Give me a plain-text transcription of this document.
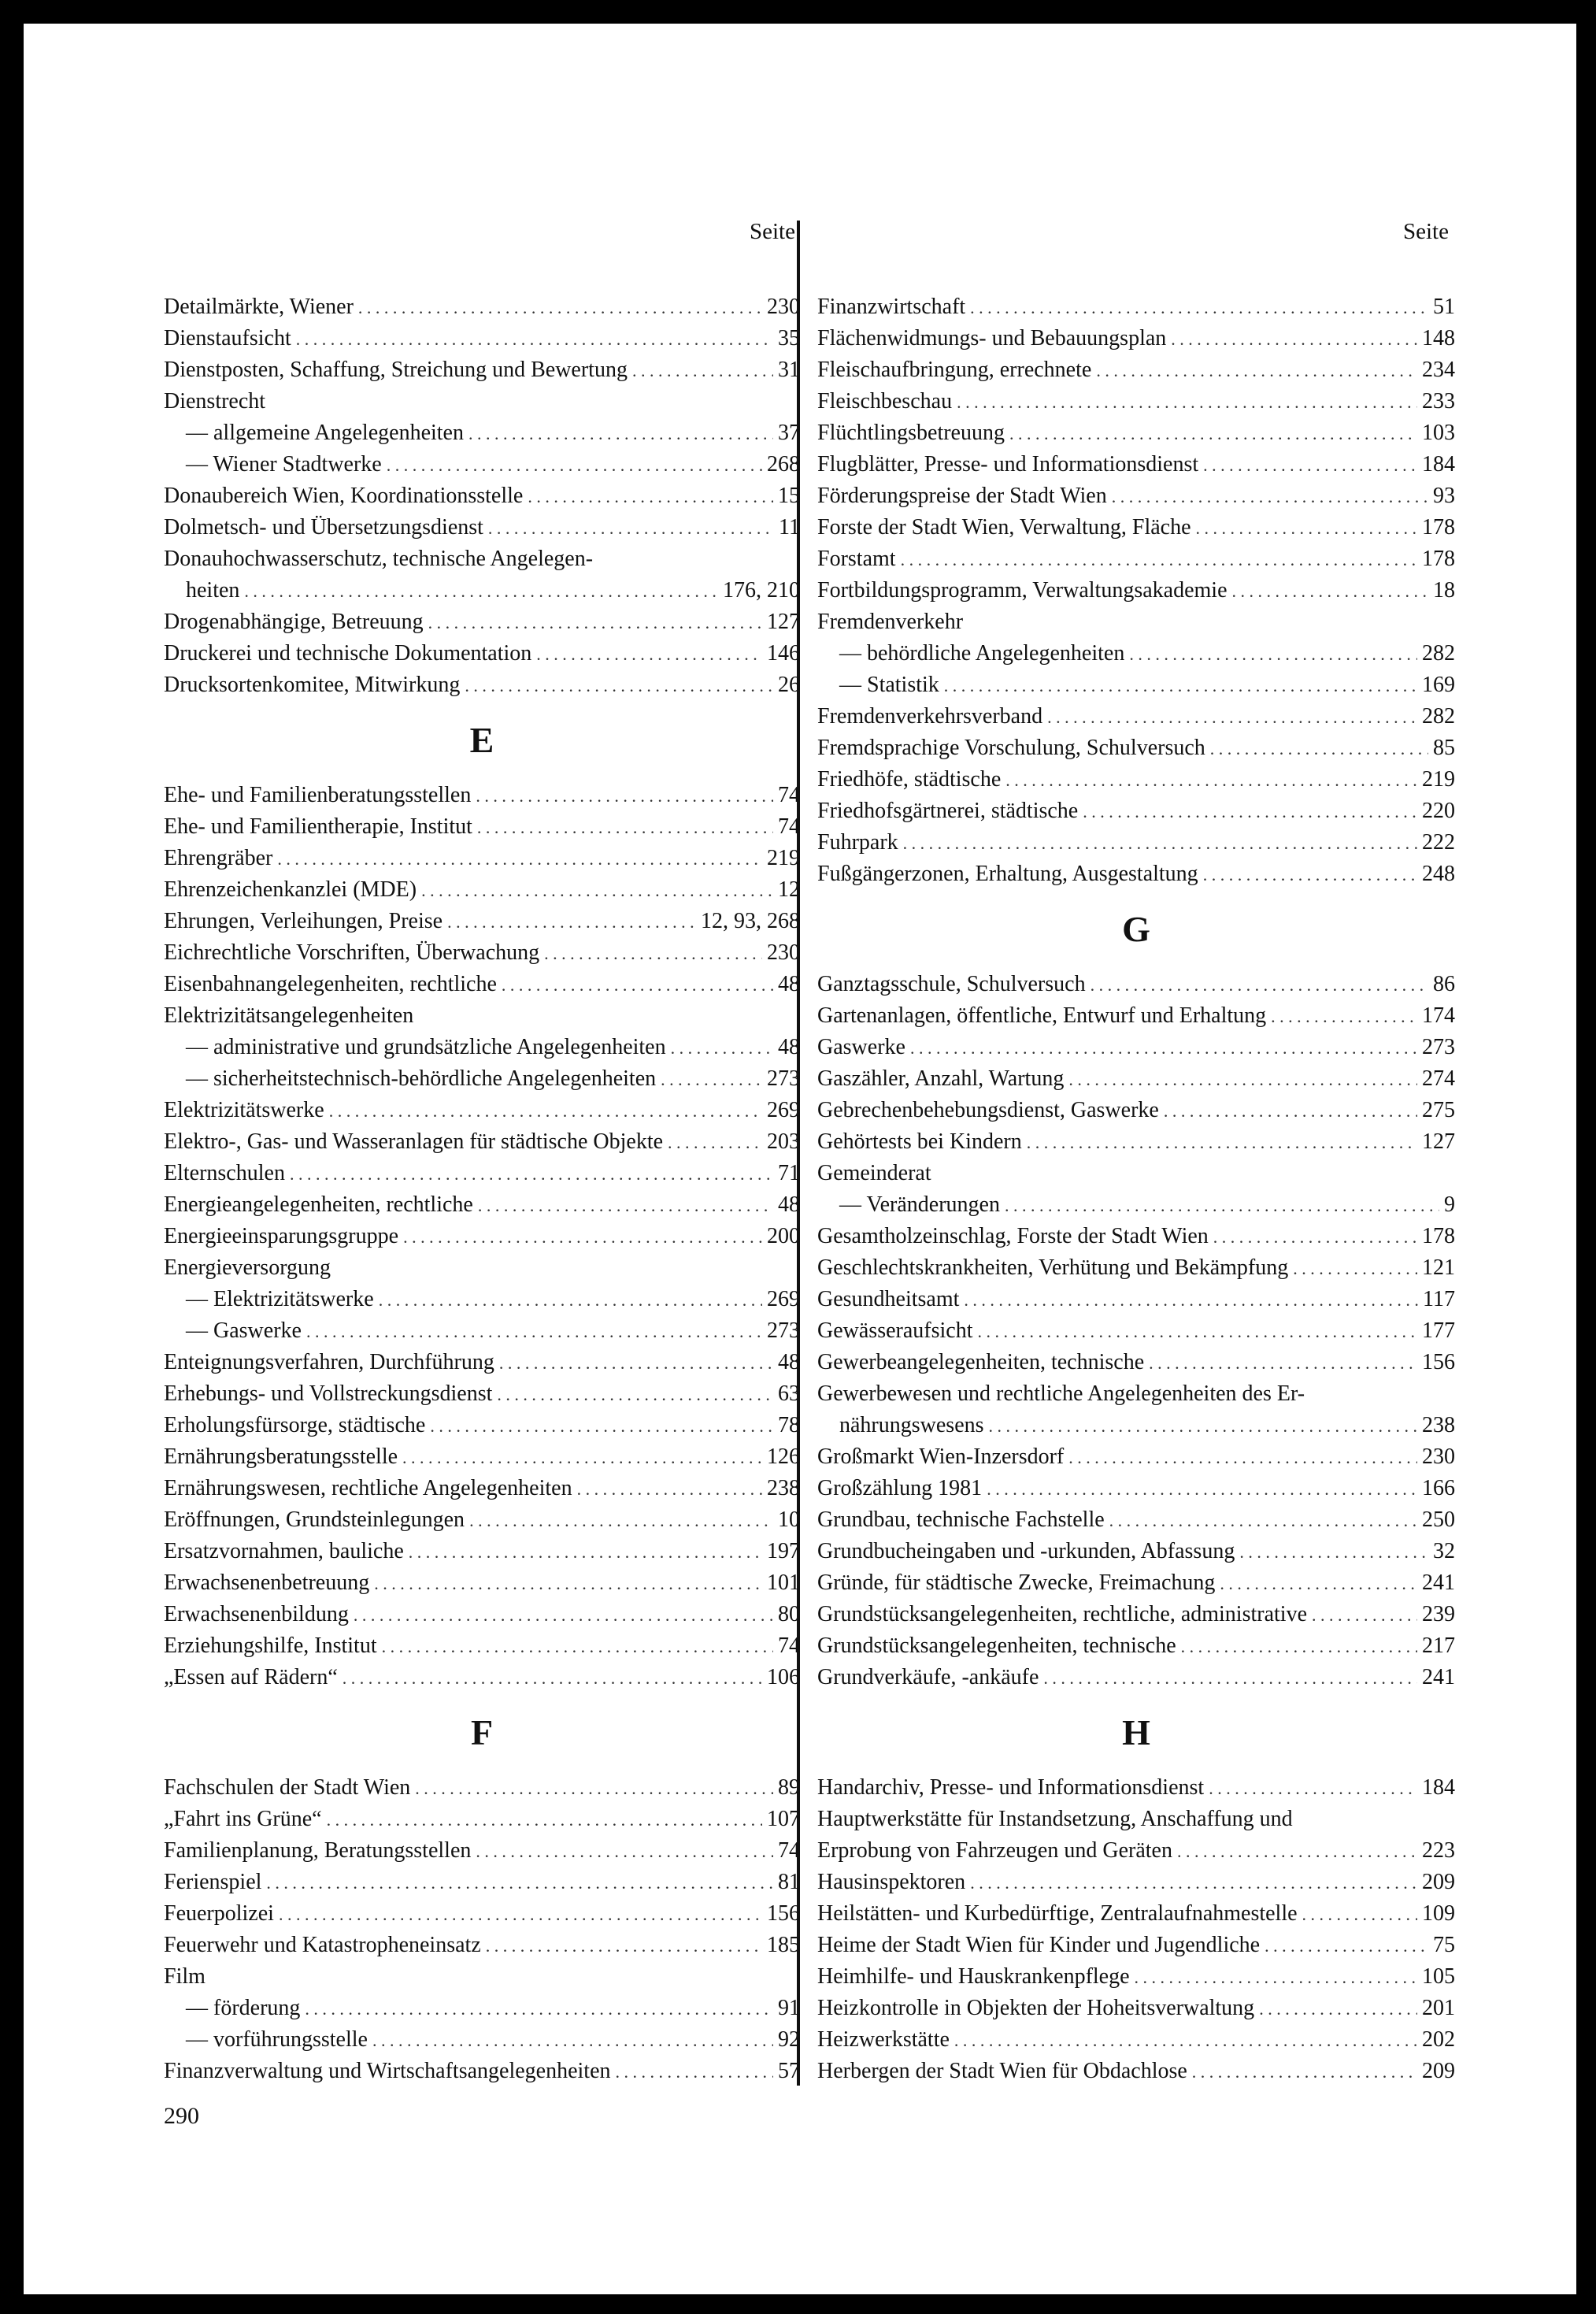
Seite	Seite
Detailmärkte, Wiener . . .	230
Dienstaufsicht . . .	35
Dienstposten, Schaffung, Streichung und Bewertung . . .	31
Dienstrecht
— allgemeine Angelegenheiten . . .	37
— Wiener Stadtwerke . . .	268
Donaubereich Wien, Koordinationsstelle . . .	15
Dolmetsch- und Übersetzungsdienst . . .	11
Donauhochwasserschutz, technische Angelegen-
heiten . . .	176, 210
Drogenabhängige, Betreuung . . .	127
Druckerei und technische Dokumentation . . .	146
Drucksortenkomitee, Mitwirkung . . .	26
E
Ehe- und Familienberatungsstellen . . .	74
Ehe- und Familientherapie, Institut . . .	74
Ehrengräber . . .	219
Ehrenzeichenkanzlei (MDE) . . .	12
Ehrungen, Verleihungen, Preise . . .	12, 93, 268
Eichrechtliche Vorschriften, Überwachung . . .	230
Eisenbahnangelegenheiten, rechtliche . . .	48
Elektrizitätsangelegenheiten
— administrative und grundsätzliche Angelegenheiten . . .	48
— sicherheitstechnisch-behördliche Angelegenheiten . . .	273
Elektrizitätswerke . . .	269
Elektro-, Gas- und Wasseranlagen für städtische Objekte . . .	203
Elternschulen . . .	71
Energieangelegenheiten, rechtliche . . .	48
Energieeinsparungsgruppe . . .	200
Energieversorgung
— Elektrizitätswerke . . .	269
— Gaswerke . . .	273
Enteignungsverfahren, Durchführung . . .	48
Erhebungs- und Vollstreckungsdienst . . .	63
Erholungsfürsorge, städtische . . .	78
Ernährungsberatungsstelle . . .	126
Ernährungswesen, rechtliche Angelegenheiten . . .	238
Eröffnungen, Grundsteinlegungen . . .	10
Ersatzvornahmen, bauliche . . .	197
Erwachsenenbetreuung . . .	101
Erwachsenenbildung . . .	80
Erziehungshilfe, Institut . . .	74
„Essen auf Rädern“ . . .	106
F
Fachschulen der Stadt Wien . . .	89
„Fahrt ins Grüne“ . . .	107
Familienplanung, Beratungsstellen . . .	74
Ferienspiel . . .	81
Feuerpolizei . . .	156
Feuerwehr und Katastropheneinsatz . . .	185
Film
— förderung . . .	91
— vorführungsstelle . . .	92
Finanzverwaltung und Wirtschaftsangelegenheiten . . .	57
Finanzwirtschaft . . .	51
Flächenwidmungs- und Bebauungsplan . . .	148
Fleischaufbringung, errechnete . . .	234
Fleischbeschau . . .	233
Flüchtlingsbetreuung . . .	103
Flugblätter, Presse- und Informationsdienst . . .	184
Förderungspreise der Stadt Wien . . .	93
Forste der Stadt Wien, Verwaltung, Fläche . . .	178
Forstamt . . .	178
Fortbildungsprogramm, Verwaltungsakademie . . .	18
Fremdenverkehr
— behördliche Angelegenheiten . . .	282
— Statistik . . .	169
Fremdenverkehrsverband . . .	282
Fremdsprachige Vorschulung, Schulversuch . . .	85
Friedhöfe, städtische . . .	219
Friedhofsgärtnerei, städtische . . .	220
Fuhrpark . . .	222
Fußgängerzonen, Erhaltung, Ausgestaltung . . .	248
G
Ganztagsschule, Schulversuch . . .	86
Gartenanlagen, öffentliche, Entwurf und Erhaltung . . .	174
Gaswerke . . .	273
Gaszähler, Anzahl, Wartung . . .	274
Gebrechenbehebungsdienst, Gaswerke . . .	275
Gehörtests bei Kindern . . .	127
Gemeinderat
— Veränderungen . . .	9
Gesamtholzeinschlag, Forste der Stadt Wien . . .	178
Geschlechtskrankheiten, Verhütung und Bekämpfung . . .	121
Gesundheitsamt . . .	117
Gewässeraufsicht . . .	177
Gewerbeangelegenheiten, technische . . .	156
Gewerbewesen und rechtliche Angelegenheiten des Er-
nährungswesens . . .	238
Großmarkt Wien-Inzersdorf . . .	230
Großzählung 1981 . . .	166
Grundbau, technische Fachstelle . . .	250
Grundbucheingaben und -urkunden, Abfassung . . .	32
Gründe, für städtische Zwecke, Freimachung . . .	241
Grundstücksangelegenheiten, rechtliche, administrative . . .	239
Grundstücksangelegenheiten, technische . . .	217
Grundverkäufe, -ankäufe . . .	241
H
Handarchiv, Presse- und Informationsdienst . . .	184
Hauptwerkstätte für Instandsetzung, Anschaffung und
Erprobung von Fahrzeugen und Geräten . . .	223
Hausinspektoren . . .	209
Heilstätten- und Kurbedürftige, Zentralaufnahmestelle . . .	109
Heime der Stadt Wien für Kinder und Jugendliche . . .	75
Heimhilfe- und Hauskrankenpflege . . .	105
Heizkontrolle in Objekten der Hoheitsverwaltung . . .	201
Heizwerkstätte . . .	202
Herbergen der Stadt Wien für Obdachlose . . .	209
290
